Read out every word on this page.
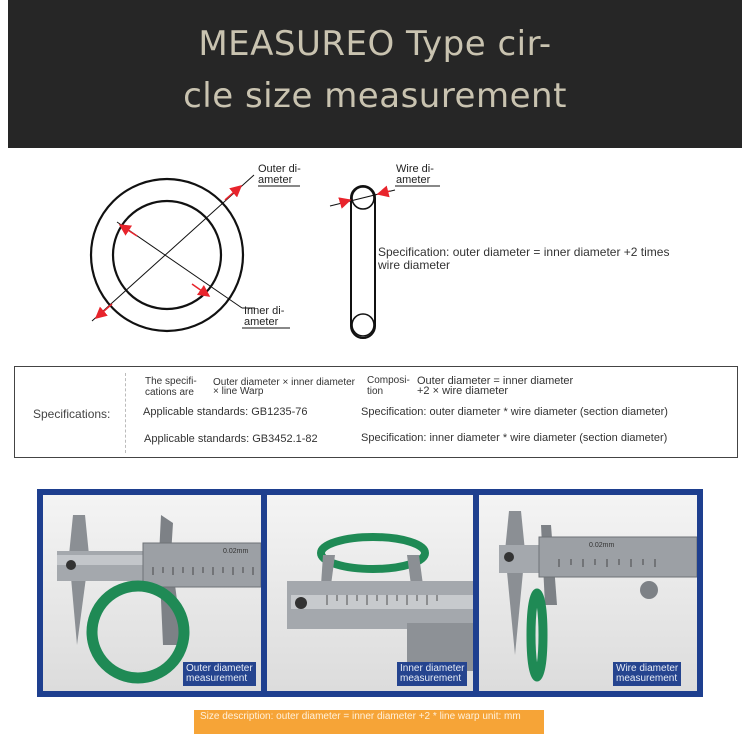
MEASUREO Type cir-
cle size measurement
Outer di-
ameter
Inner di-
ameter
Wire di-
ameter
Specification: outer diameter = inner diameter +2 times
wire diameter
Specifications:
The specifi-
cations are
Outer diameter × inner diameter
× line Warp
Composi-
tion
Outer diameter = inner diameter
+2 × wire diameter
Applicable standards: GB1235-76	Specification: outer diameter * wire diameter (section diameter)
Applicable standards: GB3452.1-82	Specification: inner diameter * wire diameter (section diameter)
0.02mm
Outer diameter
measurement
Inner diameter
measurement
0.02mm
Wire diameter
measurement
Size description: outer diameter = inner diameter +2 * line warp unit: mm
